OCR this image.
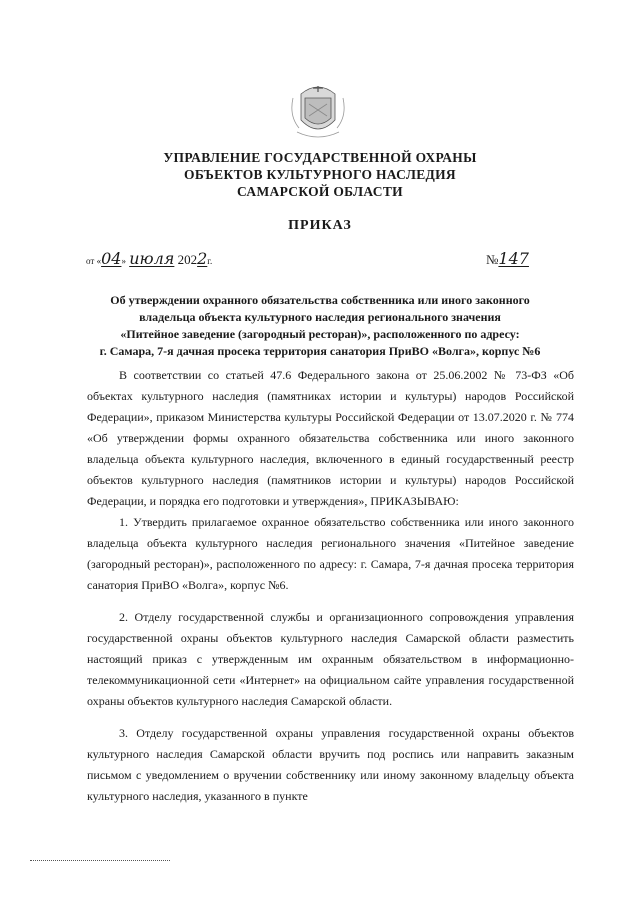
УПРАВЛЕНИЕ ГОСУДАРСТВЕННОЙ ОХРАНЫ
ОБЪЕКТОВ КУЛЬТУРНОГО НАСЛЕДИЯ
САМАРСКОЙ ОБЛАСТИ
ПРИКАЗ
от «04» июля 2022г.	№147
Об утверждении охранного обязательства собственника или иного законного
владельца объекта культурного наследия регионального значения
«Питейное заведение (загородный ресторан)», расположенного по адресу:
г. Самара, 7-я дачная просека территория санатория ПриВО «Волга», корпус №6

В соответствии со статьей 47.6 Федерального закона от 25.06.2002 № 73-ФЗ «Об объектах культурного наследия (памятниках истории и культуры) народов Российской Федерации», приказом Министерства культуры Российской Федерации от 13.07.2020 г. № 774 «Об утверждении формы охранного обязательства собственника или иного законного владельца объекта культурного наследия, включенного в единый государственный реестр объектов культурного наследия (памятников истории и культуры) народов Российской Федерации, и порядка его подготовки и утверждения», ПРИКАЗЫВАЮ:

1. Утвердить прилагаемое охранное обязательство собственника или иного законного владельца объекта культурного наследия регионального значения «Питейное заведение (загородный ресторан)», расположенного по адресу: г. Самара, 7-я дачная просека территория санатория ПриВО «Волга», корпус №6.

2. Отделу государственной службы и организационного сопровождения управления государственной охраны объектов культурного наследия Самарской области разместить настоящий приказ с утвержденным им охранным обязательством в информационно-телекоммуникационной сети «Интернет» на официальном сайте управления государственной охраны объектов культурного наследия Самарской области.

3. Отделу государственной охраны управления государственной охраны объектов культурного наследия Самарской области вручить под роспись или направить заказным письмом с уведомлением о вручении собственнику или иному законному владельцу объекта культурного наследия, указанного в пункте
